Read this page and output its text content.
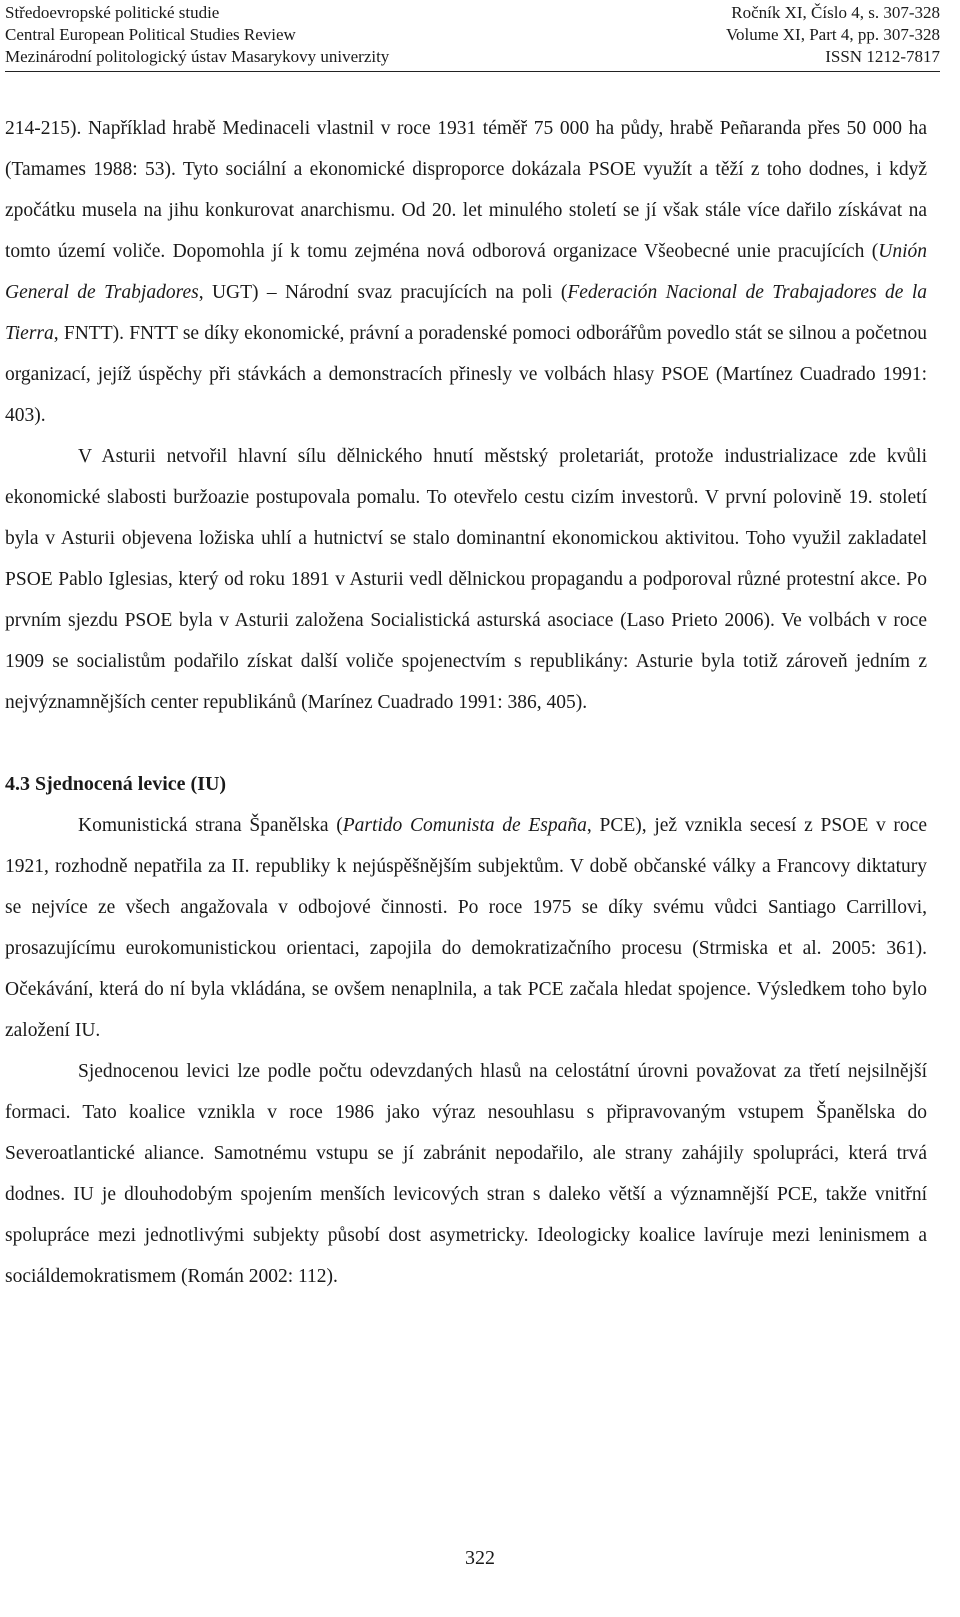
Středoevropské politické studie	Ročník XI, Číslo 4, s. 307-328
Central European Political Studies Review	Volume XI, Part 4, pp. 307-328
Mezinárodní politologický ústav Masarykovy univerzity	ISSN 1212-7817

214-215). Například hrabě Medinaceli vlastnil v roce 1931 téměř 75 000 ha půdy, hrabě Peñaranda přes 50 000 ha (Tamames 1988: 53). Tyto sociální a ekonomické disproporce dokázala PSOE využít a těží z toho dodnes, i když zpočátku musela na jihu konkurovat anarchismu. Od 20. let minulého století se jí však stále více dařilo získávat na tomto území voliče. Dopomohla jí k tomu zejména nová odborová organizace Všeobecné unie pracujících (Unión General de Trabjadores, UGT) – Národní svaz pracujících na poli (Federación Nacional de Trabajadores de la Tierra, FNTT). FNTT se díky ekonomické, právní a poradenské pomoci odborářům povedlo stát se silnou a početnou organizací, jejíž úspěchy při stávkách a demonstracích přinesly ve volbách hlasy PSOE (Martínez Cuadrado 1991: 403).

V Asturii netvořil hlavní sílu dělnického hnutí městský proletariát, protože industrializace zde kvůli ekonomické slabosti buržoazie postupovala pomalu. To otevřelo cestu cizím investorů. V první polovině 19. století byla v Asturii objevena ložiska uhlí a hutnictví se stalo dominantní ekonomickou aktivitou. Toho využil zakladatel PSOE Pablo Iglesias, který od roku 1891 v Asturii vedl dělnickou propagandu a podporoval různé protestní akce. Po prvním sjezdu PSOE byla v Asturii založena Socialistická asturská asociace (Laso Prieto 2006). Ve volbách v roce 1909 se socialistům podařilo získat další voliče spojenectvím s republikány: Asturie byla totiž zároveň jedním z nejvýznamnějších center republikánů (Marínez Cuadrado 1991: 386, 405).

4.3 Sjednocená levice (IU)

Komunistická strana Španělska (Partido Comunista de España, PCE), jež vznikla secesí z PSOE v roce 1921, rozhodně nepatřila za II. republiky k nejúspěšnějším subjektům. V době občanské války a Francovy diktatury se nejvíce ze všech angažovala v odbojové činnosti. Po roce 1975 se díky svému vůdci Santiago Carrillovi, prosazujícímu eurokomunistickou orientaci, zapojila do demokratizačního procesu (Strmiska et al. 2005: 361). Očekávání, která do ní byla vkládána, se ovšem nenaplnila, a tak PCE začala hledat spojence. Výsledkem toho bylo založení IU.

Sjednocenou levici lze podle počtu odevzdaných hlasů na celostátní úrovni považovat za třetí nejsilnější formaci. Tato koalice vznikla v roce 1986 jako výraz nesouhlasu s připravovaným vstupem Španělska do Severoatlantické aliance. Samotnému vstupu se jí zabránit nepodařilo, ale strany zahájily spolupráci, která trvá dodnes. IU je dlouhodobým spojením menších levicových stran s daleko větší a významnější PCE, takže vnitřní spolupráce mezi jednotlivými subjekty působí dost asymetricky. Ideologicky koalice lavíruje mezi leninismem a sociáldemokratismem (Román 2002: 112).

322
